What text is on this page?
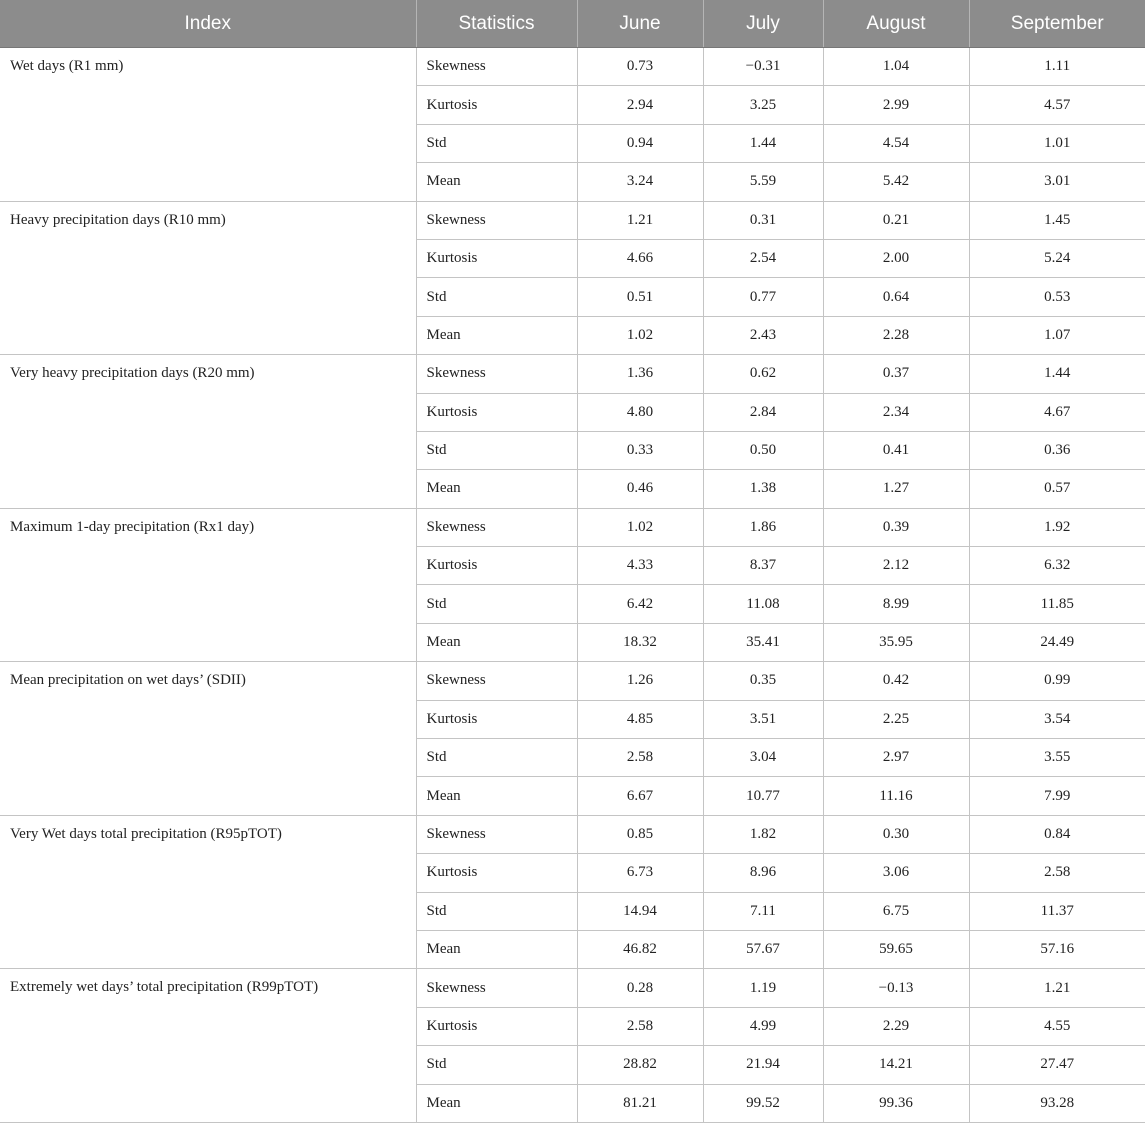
Index	Statistics	June	July	August	September
Wet days (R1 mm)	Skewness	0.73	−0.31	1.04	1.11
	Kurtosis	2.94	3.25	2.99	4.57
	Std	0.94	1.44	4.54	1.01
	Mean	3.24	5.59	5.42	3.01
Heavy precipitation days (R10 mm)	Skewness	1.21	0.31	0.21	1.45
	Kurtosis	4.66	2.54	2.00	5.24
	Std	0.51	0.77	0.64	0.53
	Mean	1.02	2.43	2.28	1.07
Very heavy precipitation days (R20 mm)	Skewness	1.36	0.62	0.37	1.44
	Kurtosis	4.80	2.84	2.34	4.67
	Std	0.33	0.50	0.41	0.36
	Mean	0.46	1.38	1.27	0.57
Maximum 1-day precipitation (Rx1 day)	Skewness	1.02	1.86	0.39	1.92
	Kurtosis	4.33	8.37	2.12	6.32
	Std	6.42	11.08	8.99	11.85
	Mean	18.32	35.41	35.95	24.49
Mean precipitation on wet days’ (SDII)	Skewness	1.26	0.35	0.42	0.99
	Kurtosis	4.85	3.51	2.25	3.54
	Std	2.58	3.04	2.97	3.55
	Mean	6.67	10.77	11.16	7.99
Very Wet days total precipitation (R95pTOT)	Skewness	0.85	1.82	0.30	0.84
	Kurtosis	6.73	8.96	3.06	2.58
	Std	14.94	7.11	6.75	11.37
	Mean	46.82	57.67	59.65	57.16
Extremely wet days’ total precipitation (R99pTOT)	Skewness	0.28	1.19	−0.13	1.21
	Kurtosis	2.58	4.99	2.29	4.55
	Std	28.82	21.94	14.21	27.47
	Mean	81.21	99.52	99.36	93.28
